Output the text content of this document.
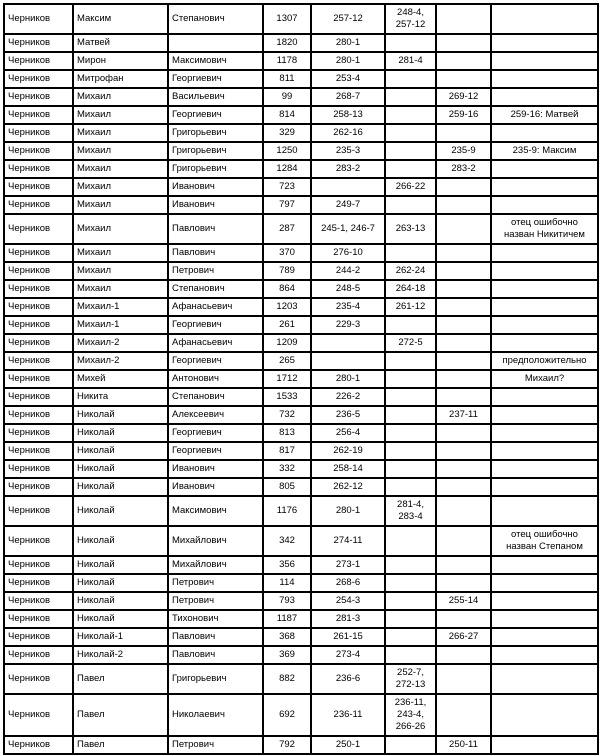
Черников	Максим	Степанович	1307	257-12	248-4, 257-12		
Черников	Матвей		1820	280-1			
Черников	Мирон	Максимович	1178	280-1	281-4		
Черников	Митрофан	Георгиевич	811	253-4			
Черников	Михаил	Васильевич	99	268-7		269-12	
Черников	Михаил	Георгиевич	814	258-13		259-16	259-16: Матвей
Черников	Михаил	Григорьевич	329	262-16			
Черников	Михаил	Григорьевич	1250	235-3		235-9	235-9: Максим
Черников	Михаил	Григорьевич	1284	283-2		283-2	
Черников	Михаил	Иванович	723		266-22		
Черников	Михаил	Иванович	797	249-7			
Черников	Михаил	Павлович	287	245-1, 246-7	263-13		отец ошибочно назван Никитичем
Черников	Михаил	Павлович	370	276-10			
Черников	Михаил	Петрович	789	244-2	262-24		
Черников	Михаил	Степанович	864	248-5	264-18		
Черников	Михаил-1	Афанасьевич	1203	235-4	261-12		
Черников	Михаил-1	Георгиевич	261	229-3			
Черников	Михаил-2	Афанасьевич	1209		272-5		
Черников	Михаил-2	Георгиевич	265				предположительно
Черников	Михей	Антонович	1712	280-1			Михаил?
Черников	Никита	Степанович	1533	226-2			
Черников	Николай	Алексеевич	732	236-5		237-11	
Черников	Николай	Георгиевич	813	256-4			
Черников	Николай	Георгиевич	817	262-19			
Черников	Николай	Иванович	332	258-14			
Черников	Николай	Иванович	805	262-12			
Черников	Николай	Максимович	1176	280-1	281-4, 283-4		
Черников	Николай	Михайлович	342	274-11			отец ошибочно назван Степаном
Черников	Николай	Михайлович	356	273-1			
Черников	Николай	Петрович	114	268-6			
Черников	Николай	Петрович	793	254-3		255-14	
Черников	Николай	Тихонович	1187	281-3			
Черников	Николай-1	Павлович	368	261-15		266-27	
Черников	Николай-2	Павлович	369	273-4			
Черников	Павел	Григорьевич	882	236-6	252-7, 272-13		
Черников	Павел	Николаевич	692	236-11	236-11, 243-4, 266-26		
Черников	Павел	Петрович	792	250-1		250-11	
